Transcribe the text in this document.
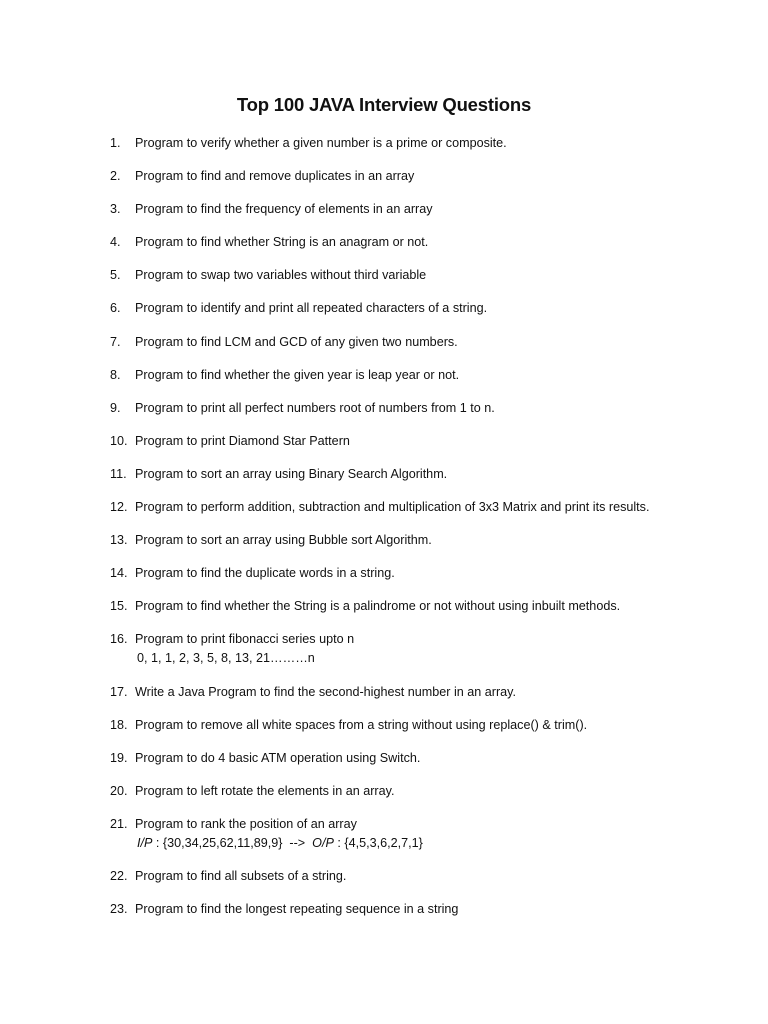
Top 100 JAVA Interview Questions
1.	Program to verify whether a given number is a prime or composite.
2.	Program to find and remove duplicates in an array
3.	Program to find the frequency of elements in an array
4.	Program to find whether String is an anagram or not.
5.	Program to swap two variables without third variable
6.	Program to identify and print all repeated characters of a string.
7.	Program to find LCM and GCD of any given two numbers.
8.	Program to find whether the given year is leap year or not.
9.	Program to print all perfect numbers root of numbers from 1 to n.
10. Program to print Diamond Star Pattern
11. Program to sort an array using Binary Search Algorithm.
12. Program to perform addition, subtraction and multiplication of 3x3 Matrix and print its results.
13. Program to sort an array using Bubble sort Algorithm.
14. Program to find the duplicate words in a string.
15. Program to find whether the String is a palindrome or not without using inbuilt methods.
16. Program to print fibonacci series upto n
0, 1, 1, 2, 3, 5, 8, 13, 21………n
17. Write a Java Program to find the second-highest number in an array.
18. Program to remove all white spaces from a string without using replace() & trim().
19. Program to do 4 basic ATM operation using Switch.
20. Program to left rotate the elements in an array.
21. Program to rank the position of an array
I/P : {30,34,25,62,11,89,9}  -->  O/P : {4,5,3,6,2,7,1}
22. Program to find all subsets of a string.
23. Program to find the longest repeating sequence in a string
